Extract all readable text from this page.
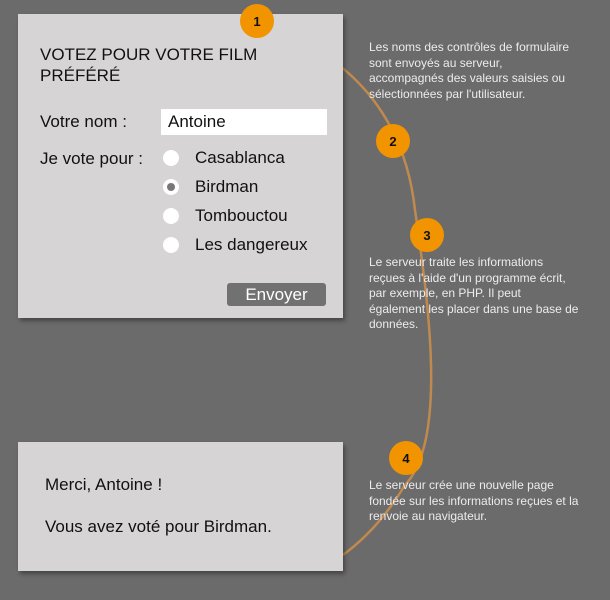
VOTEZ POUR VOTRE FILM PRÉFÉRÉ
Votre nom :
Antoine
Je vote pour :	Casablanca
Birdman
Tombouctou
Les dangereux
Envoyer
Merci, Antoine !
Vous avez voté pour Birdman.
1
2
3
4
Les noms des contrôles de formulaire sont envoyés au serveur, accompagnés des valeurs saisies ou sélectionnées par l'utilisateur.
Le serveur traite les informations reçues à l'aide d'un programme écrit, par exemple, en PHP. Il peut également les placer dans une base de données.
Le serveur crée une nouvelle page fondée sur les informations reçues et la renvoie au navigateur.
